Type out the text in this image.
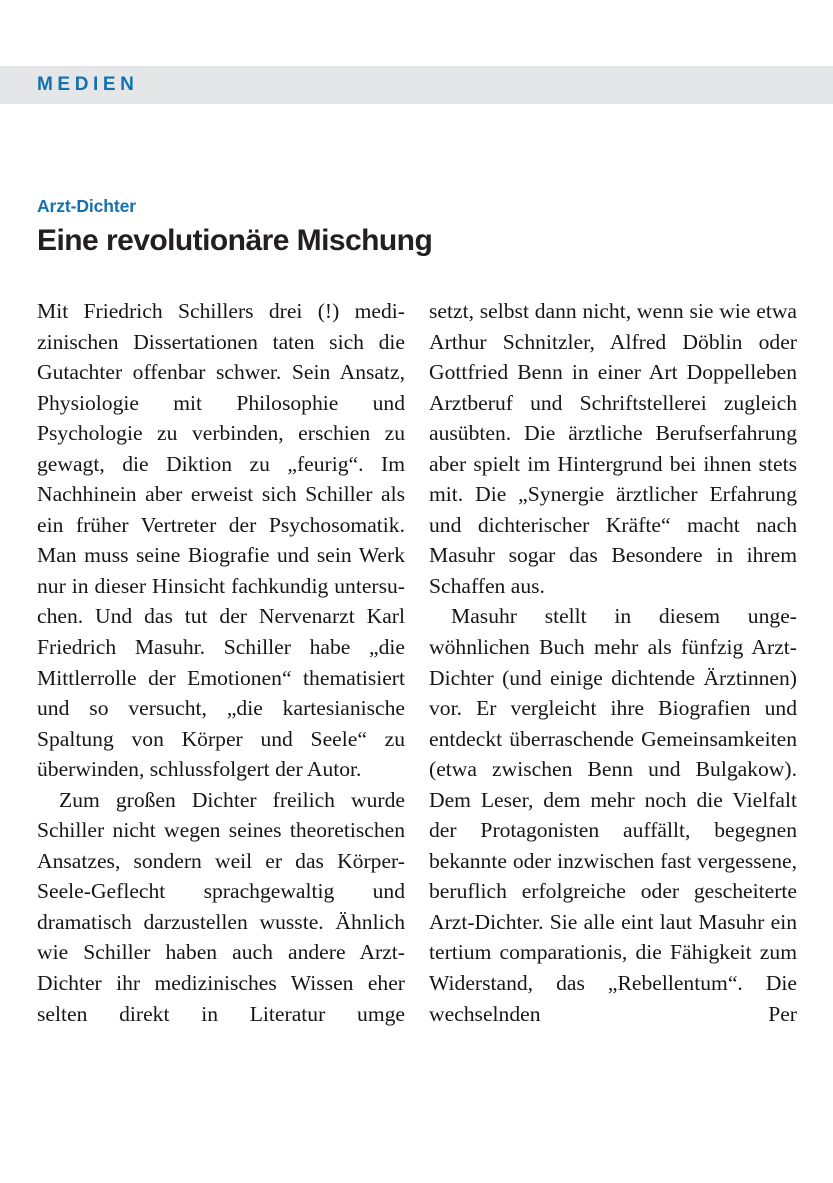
MEDIEN
Arzt-Dichter
Eine revolutionäre Mischung

Mit Friedrich Schillers drei (!) medizinischen Dissertationen taten sich die Gutachter offenbar schwer. Sein Ansatz, Physiologie mit Philosophie und Psychologie zu verbinden, erschien zu gewagt, die Diktion zu „feurig“. Im Nachhinein aber erweist sich Schiller als ein früher Vertreter der Psychosomatik. Man muss seine Biografie und sein Werk nur in dieser Hinsicht fachkundig untersuchen. Und das tut der Nervenarzt Karl Friedrich Masuhr. Schiller habe „die Mittlerrolle der Emotionen“ thematisiert und so versucht, „die kartesianische Spaltung von Körper und Seele“ zu überwinden, schlussfolgert der Autor.

Zum großen Dichter freilich wurde Schiller nicht wegen seines theoretischen Ansatzes, sondern weil er das Körper-Seele-Geflecht sprachgewaltig und dramatisch darzustellen wusste. Ähnlich wie Schiller haben auch andere Arzt-Dichter ihr medizinisches Wissen eher selten direkt in Literatur umge

setzt, selbst dann nicht, wenn sie wie etwa Arthur Schnitzler, Alfred Döblin oder Gottfried Benn in einer Art Doppelleben Arztberuf und Schriftstellerei zugleich ausübten. Die ärztliche Berufserfahrung aber spielt im Hintergrund bei ihnen stets mit. Die „Synergie ärztlicher Erfahrung und dichterischer Kräfte“ macht nach Masuhr sogar das Besondere in ihrem Schaffen aus.

Masuhr stellt in diesem ungewöhnlichen Buch mehr als fünfzig Arzt-Dichter (und einige dichtende Ärztinnen) vor. Er vergleicht ihre Biografien und entdeckt überraschende Gemeinsamkeiten (etwa zwischen Benn und Bulgakow). Dem Leser, dem mehr noch die Vielfalt der Protagonisten auffällt, begegnen bekannte oder inzwischen fast vergessene, beruflich erfolgreiche oder gescheiterte Arzt-Dichter. Sie alle eint laut Masuhr ein tertium comparationis, die Fähigkeit zum Widerstand, das „Rebellentum“. Die wechselnden Per
